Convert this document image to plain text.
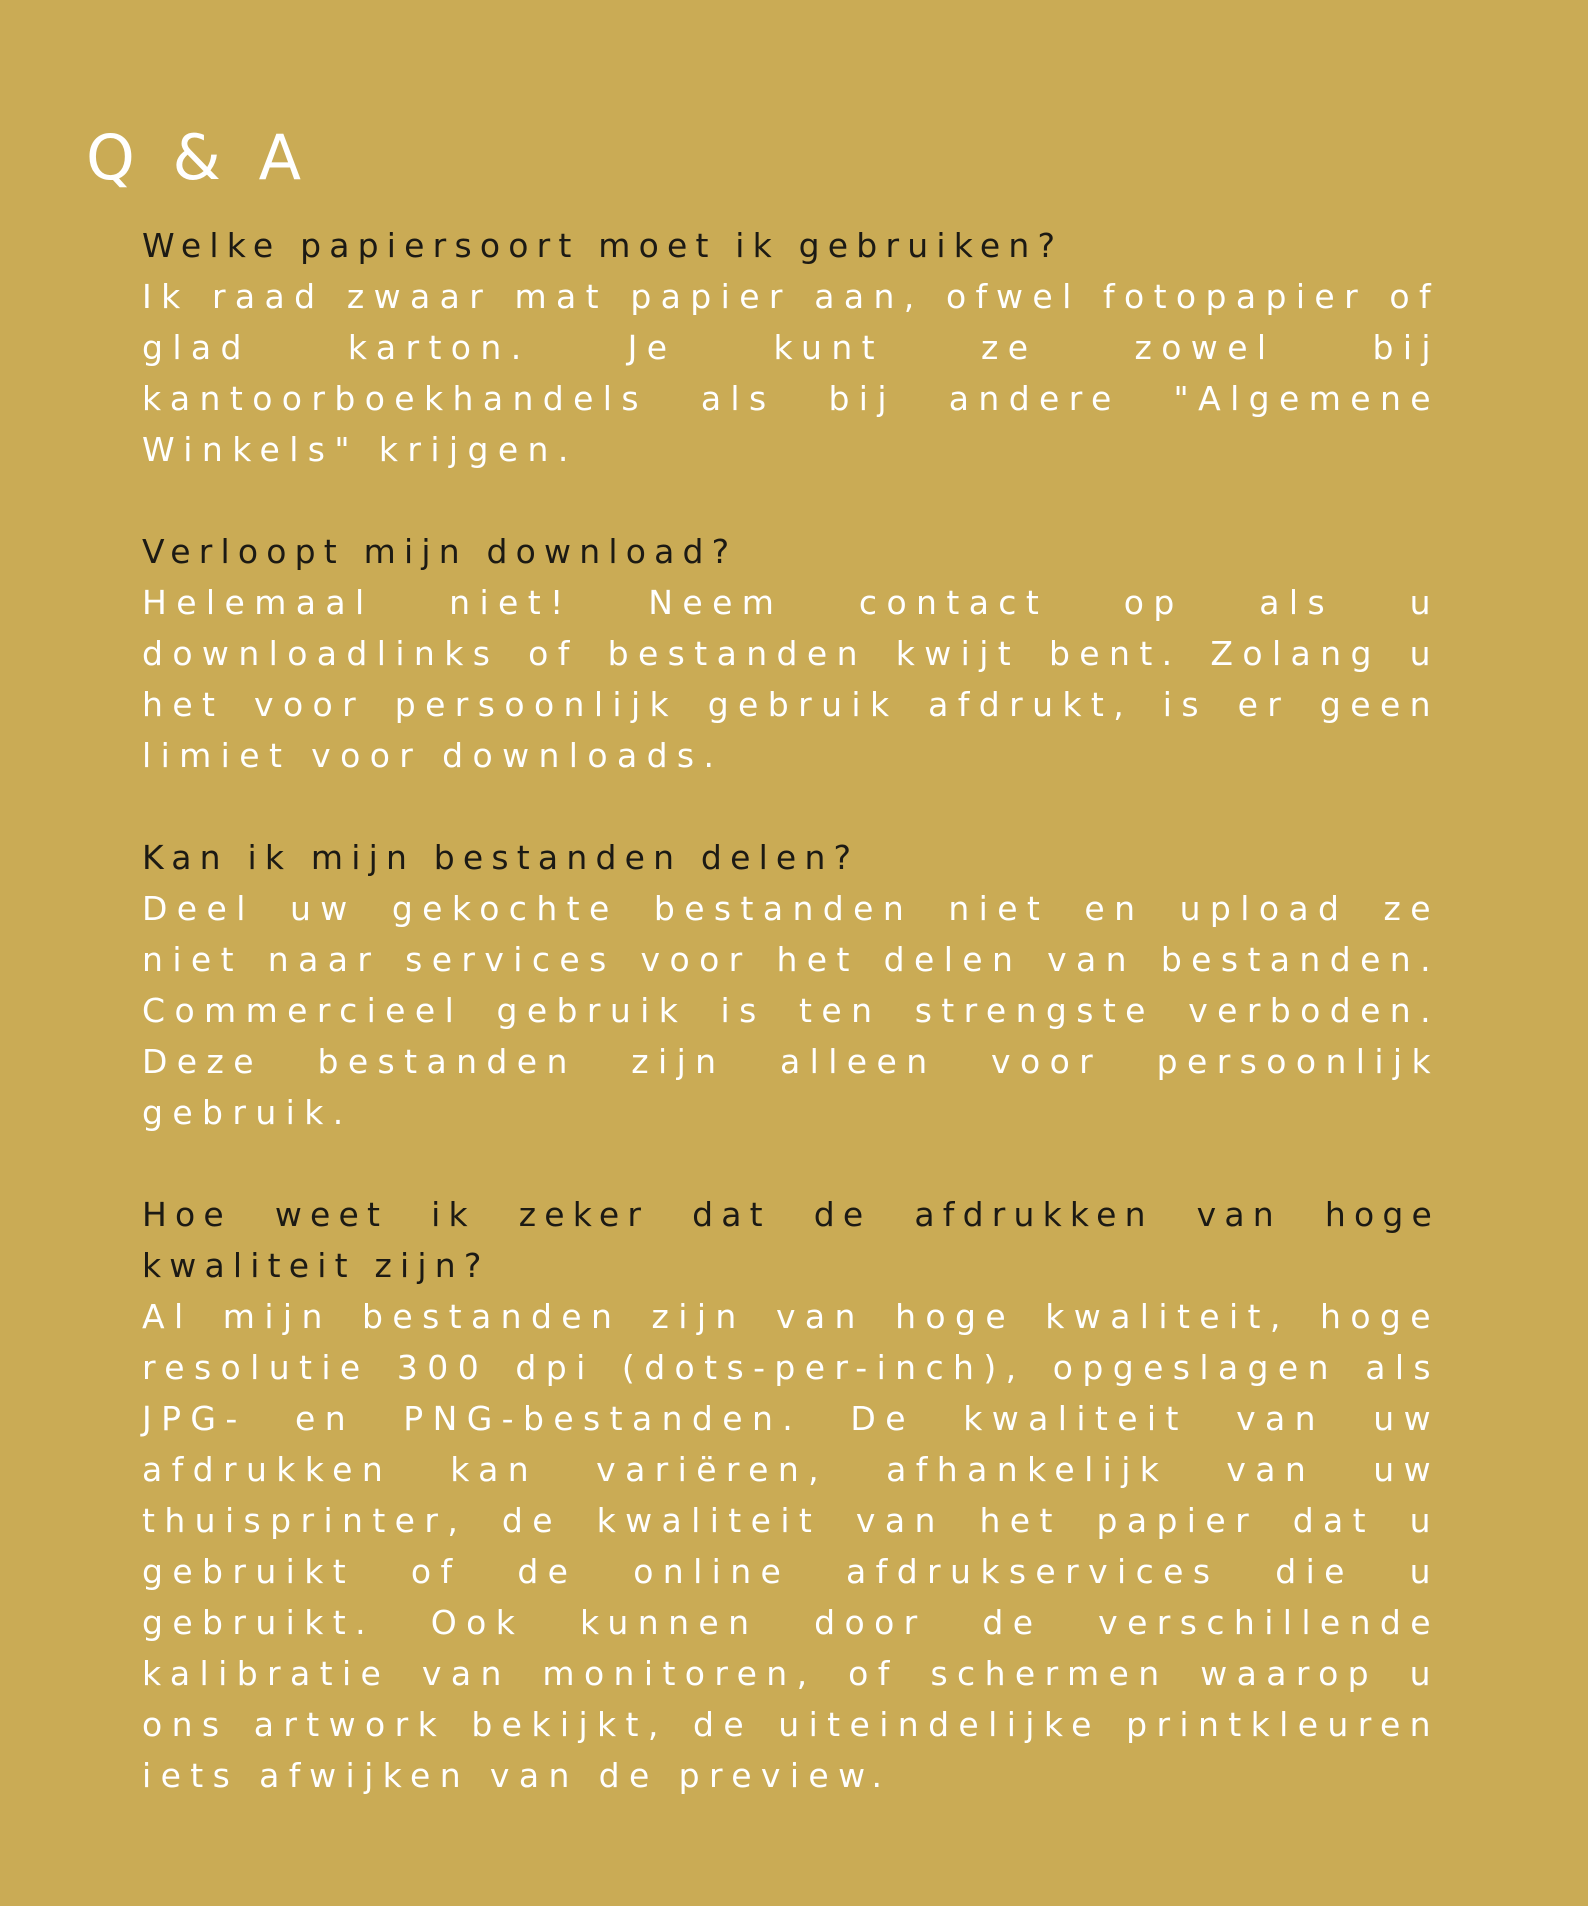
Q & A

Welke papiersoort moet ik gebruiken?

Ik raad zwaar mat papier aan, ofwel fotopapier of glad karton. Je kunt ze zowel bij kantoorboekhandels als bij andere "Algemene Winkels" krijgen.

Verloopt mijn download?

Helemaal niet! Neem contact op als u downloadlinks of bestanden kwijt bent. Zolang u het voor persoonlijk gebruik afdrukt, is er geen limiet voor downloads.

Kan ik mijn bestanden delen?

Deel uw gekochte bestanden niet en upload ze niet naar services voor het delen van bestanden. Commercieel gebruik is ten strengste verboden. Deze bestanden zijn alleen voor persoonlijk gebruik.

Hoe weet ik zeker dat de afdrukken van hoge kwaliteit zijn?

Al mijn bestanden zijn van hoge kwaliteit, hoge resolutie 300 dpi (dots-per-inch), opgeslagen als JPG- en PNG-bestanden. De kwaliteit van uw afdrukken kan variëren, afhankelijk van uw thuisprinter, de kwaliteit van het papier dat u gebruikt of de online afdrukservices die u gebruikt. Ook kunnen door de verschillende kalibratie van monitoren, of schermen waarop u ons artwork bekijkt, de uiteindelijke printkleuren iets afwijken van de preview.
